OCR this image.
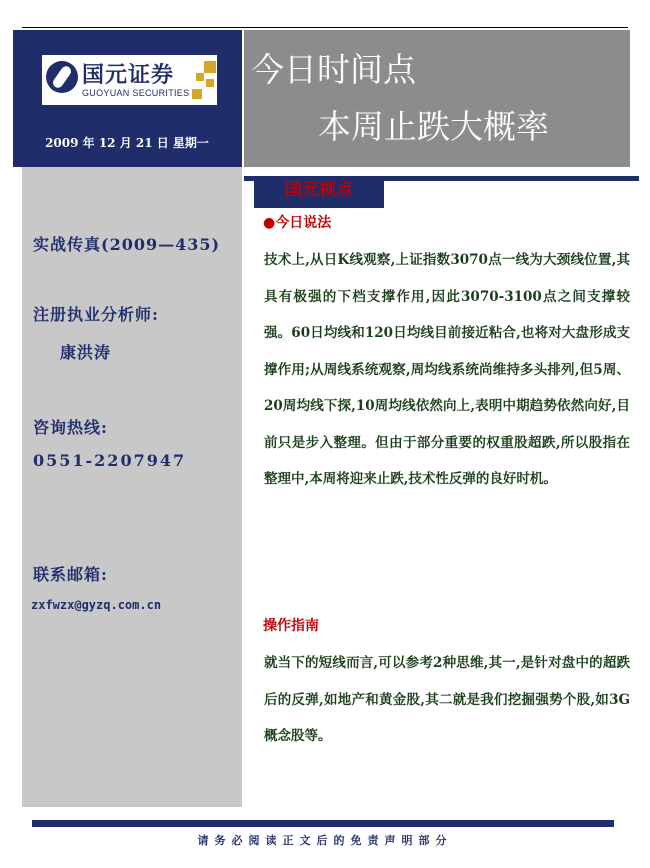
国元证券
GUOYUAN SECURITIES
2009 年 12 月 21 日 星期一
今日时间点
本周止跌大概率
实战传真(2009—435)
注册执业分析师:
康洪涛
咨询热线:
0551-2207947
联系邮箱:
zxfwzx@gyzq.com.cn
国元视点
●今日说法

技术上,从日K线观察,上证指数3070点一线为大颈线位置,其具有极强的下档支撑作用,因此3070-3100点之间支撑较强。60日均线和120日均线目前接近粘合,也将对大盘形成支撑作用;从周线系统观察,周均线系统尚维持多头排列,但5周、20周均线下探,10周均线依然向上,表明中期趋势依然向好,目前只是步入整理。但由于部分重要的权重股超跌,所以股指在整理中,本周将迎来止跌,技术性反弹的良好时机。

操作指南

就当下的短线而言,可以参考2种思维,其一,是针对盘中的超跌后的反弹,如地产和黄金股,其二就是我们挖掘强势个股,如3G概念股等。

请务必阅读正文后的免责声明部分
